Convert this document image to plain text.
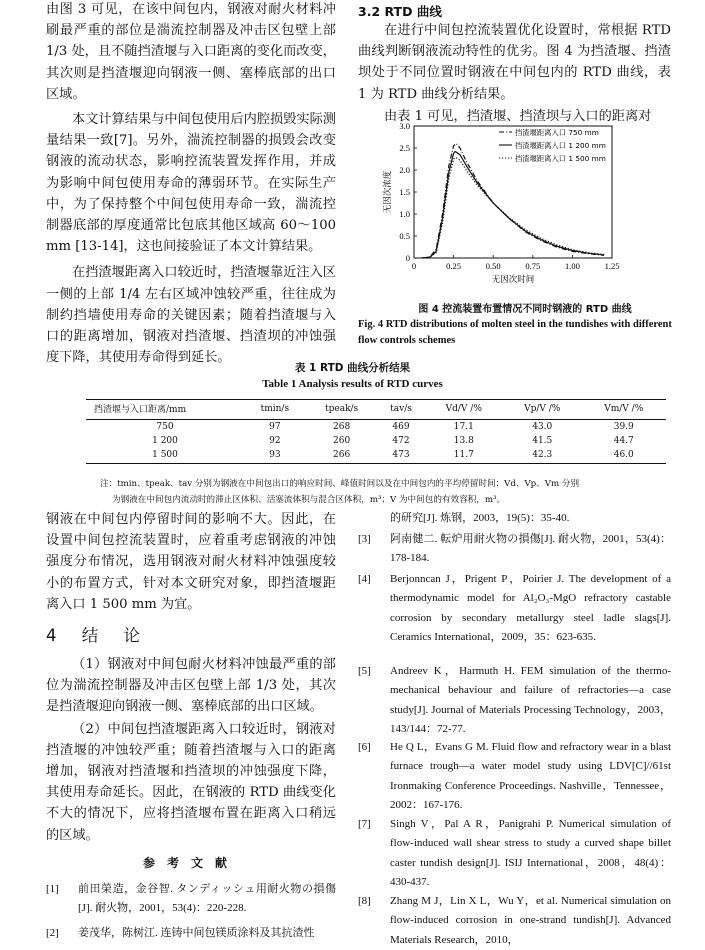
由图 3 可见，在该中间包内，钢液对耐火材料冲刷最严重的部位是湍流控制器及冲击区包壁上部 1/3 处，且不随挡渣堰与入口距离的变化而改变，其次则是挡渣堰迎向钢液一侧、塞棒底部的出口区域。

本文计算结果与中间包使用后内腔损毁实际测量结果一致[7]。另外，湍流控制器的损毁会改变钢液的流动状态，影响控流装置发挥作用，并成为影响中间包使用寿命的薄弱环节。在实际生产中，为了保持整个中间包使用寿命一致，湍流控制器底部的厚度通常比包底其他区域高 60～100 mm [13-14]，这也间接验证了本文计算结果。

在挡渣堰距离入口较近时，挡渣堰靠近注入区一侧的上部 1/4 左右区域冲蚀较严重，往往成为制约挡墙使用寿命的关键因素；随着挡渣堰与入口的距离增加，钢液对挡渣堰、挡渣坝的冲蚀强度下降，其使用寿命得到延长。

3.2 RTD 曲线

在进行中间包控流装置优化设置时，常根据 RTD 曲线判断钢液流动特性的优劣。图 4 为挡渣堰、挡渣坝处于不同位置时钢液在中间包内的 RTD 曲线，表 1 为 RTD 曲线分析结果。

由表 1 可见，挡渣堰、挡渣坝与入口的距离对

0	0.25	0.50	0.75	1.00	1.25
0
0.5
1.0
1.5
2.0
2.5
3.0
无因次时间
无因次浓度
挡渣堰距离入口 750 mm
挡渣堰距离入口 1 200 mm
挡渣堰距离入口 1 500 mm
图 4 控流装置布置情况不同时钢液的 RTD 曲线
Fig. 4 RTD distributions of molten steel in the tundishes with different flow controls schemes
表 1 RTD 曲线分析结果
Table 1 Analysis results of RTD curves
挡渣堰与入口距离/mm	tmin/s	tpeak/s	tav/s	Vd/V /%	Vp/V /%	Vm/V /%
750	97	268	469	17.1	43.0	39.9
1 200	92	260	472	13.8	41.5	44.7
1 500	93	266	473	11.7	42.3	46.0
注：tmin、tpeak、tav 分别为钢液在中间包出口的响应时间、峰值时间以及在中间包内的平均停留时间；Vd、Vp、Vm 分别
为钢液在中间包内流动时的滞止区体积、活塞流体积与混合区体积，m³；V 为中间包的有效容积，m³。

钢液在中间包内停留时间的影响不大。因此，在设置中间包控流装置时，应着重考虑钢液的冲蚀强度分布情况，选用钢液对耐火材料冲蚀强度较小的布置方式，针对本文研究对象，即挡渣堰距离入口 1 500 mm 为宜。

4 结 论

（1）钢液对中间包耐火材料冲蚀最严重的部位为湍流控制器及冲击区包壁上部 1/3 处，其次是挡渣堰迎向钢液一侧、塞棒底部的出口区域。

（2）中间包挡渣堰距离入口较近时，钢液对挡渣堰的冲蚀较严重；随着挡渣堰与入口的距离增加，钢液对挡渣堰和挡渣坝的冲蚀强度下降，其使用寿命延长。因此，在钢液的 RTD 曲线变化不大的情况下，应将挡渣堰布置在距离入口稍远的区域。

参考文献
[1] 前田榮造，金谷智. タンディッシュ用耐火物の損傷[J]. 耐火物，2001，53(4)：220-228.
[2] 姜茂华，陈树江. 连铸中间包镁质涂料及其抗渣性
的研究[J]. 炼钢，2003，19(5)：35-40.
[3] 阿南健二. 転炉用耐火物の損傷[J]. 耐火物，2001，53(4)：178-184.
[4] Berjonncan J，Prigent P，Poirier J. The development of a thermodynamic model for Al₂O₃-MgO refractory castable corrosion by secondary metallurgy steel ladle slags[J]. Ceramics International，2009，35：623-635.
[5] Andreev K，Harmuth H. FEM simulation of the thermo-mechanical behaviour and failure of refractories—a case study[J]. Journal of Materials Processing Technology，2003，143/144：72-77.
[6] He Q L，Evans G M. Fluid flow and refractory wear in a blast furnace trough—a water model study using LDV[C]//61st Ironmaking Conference Proceedings. Nashville，Tennessee，2002：167-176.
[7] Singh V，Pal A R，Panigrahi P. Numerical simulation of flow-induced wall shear stress to study a curved shape billet caster tundish design[J]. ISIJ International，2008，48(4)：430-437.
[8] Zhang M J，Lin X L，Wu Y，et al. Numerical simulation on flow-induced corrosion in one-strand tundish[J]. Advanced Materials Research，2010，
